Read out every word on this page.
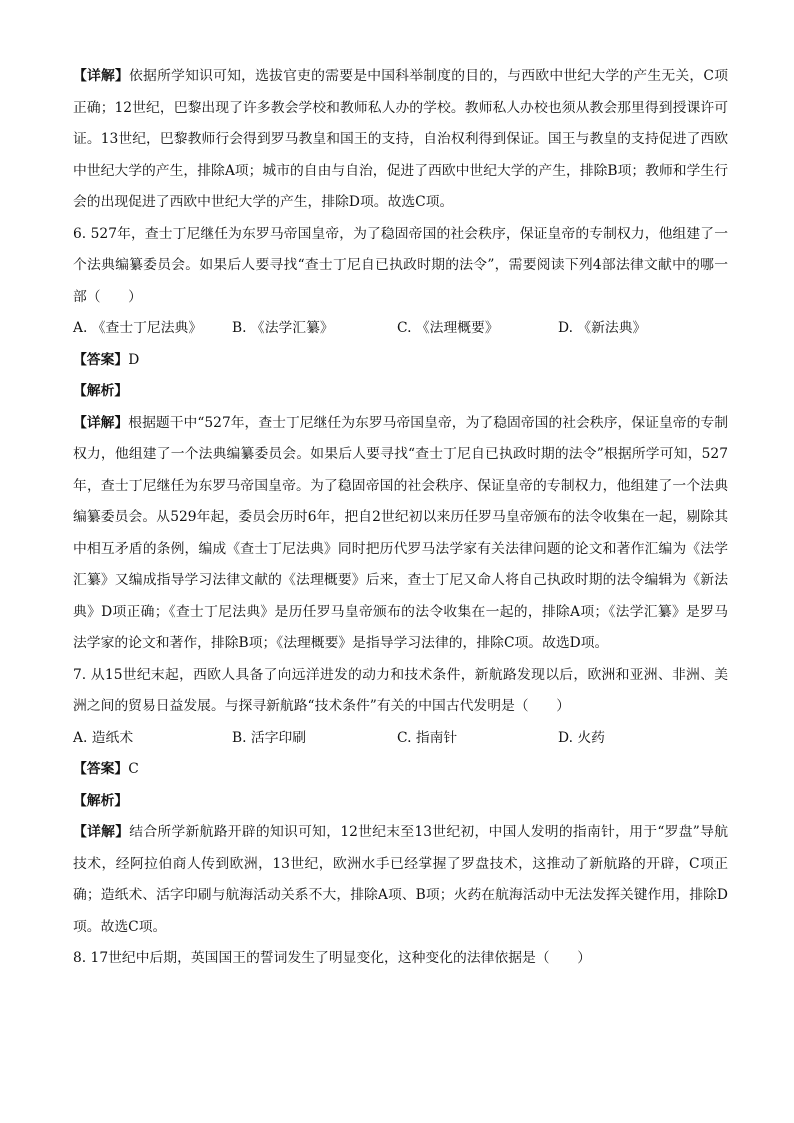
【详解】依据所学知识可知，选拔官吏的需要是中国科举制度的目的，与西欧中世纪大学的产生无关，C项正确；12世纪，巴黎出现了许多教会学校和教师私人办的学校。教师私人办校也须从教会那里得到授课许可证。13世纪，巴黎教师行会得到罗马教皇和国王的支持，自治权利得到保证。国王与教皇的支持促进了西欧中世纪大学的产生，排除A项；城市的自由与自治，促进了西欧中世纪大学的产生，排除B项；教师和学生行会的出现促进了西欧中世纪大学的产生，排除D项。故选C项。

6. 527年，查士丁尼继任为东罗马帝国皇帝，为了稳固帝国的社会秩序，保证皇帝的专制权力，他组建了一个法典编纂委员会。如果后人要寻找“查士丁尼自已执政时期的法令”，需要阅读下列4部法律文献中的哪一部（　　）

A. 《查士丁尼法典》	B. 《法学汇纂》	C. 《法理概要》	D. 《新法典》

【答案】D

【解析】

【详解】根据题干中“527年，查士丁尼继任为东罗马帝国皇帝，为了稳固帝国的社会秩序，保证皇帝的专制权力，他组建了一个法典编纂委员会。如果后人要寻找“查士丁尼自已执政时期的法令”根据所学可知，527年，查士丁尼继任为东罗马帝国皇帝。为了稳固帝国的社会秩序、保证皇帝的专制权力，他组建了一个法典编纂委员会。从529年起，委员会历时6年，把自2世纪初以来历任罗马皇帝颁布的法令收集在一起，剔除其中相互矛盾的条例，编成《查士丁尼法典》同时把历代罗马法学家有关法律问题的论文和著作汇编为《法学汇纂》又编成指导学习法律文献的《法理概要》后来，查士丁尼又命人将自己执政时期的法令编辑为《新法典》D项正确；《查士丁尼法典》是历任罗马皇帝颁布的法令收集在一起的，排除A项；《法学汇纂》是罗马法学家的论文和著作，排除B项；《法理概要》是指导学习法律的，排除C项。故选D项。

7. 从15世纪末起，西欧人具备了向远洋进发的动力和技术条件，新航路发现以后，欧洲和亚洲、非洲、美洲之间的贸易日益发展。与探寻新航路“技术条件”有关的中国古代发明是（　　）

A. 造纸术	B. 活字印刷	C. 指南针	D. 火药

【答案】C

【解析】

【详解】结合所学新航路开辟的知识可知，12世纪末至13世纪初，中国人发明的指南针，用于“罗盘”导航技术，经阿拉伯商人传到欧洲，13世纪，欧洲水手已经掌握了罗盘技术，这推动了新航路的开辟，C项正确；造纸术、活字印刷与航海活动关系不大，排除A项、B项；火药在航海活动中无法发挥关键作用，排除D项。故选C项。

8. 17世纪中后期，英国国王的誓词发生了明显变化，这种变化的法律依据是（　　）
